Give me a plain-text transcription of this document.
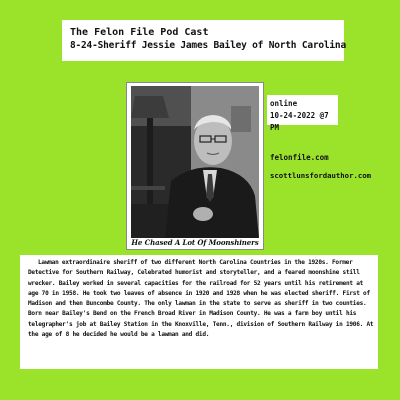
The Felon File Pod Cast
8-24-Sheriff Jessie James Bailey of North Carolina
He Chased A Lot Of Moonshiners
online
10-24-2022 @7 PM
felonfile.com
scottlunsfordauthor.com
Lawman extraordinaire sheriff of two different North Carolina Countries in the 1920s. Former Detective for Southern Railway, Celebrated humorist and storyteller, and a feared moonshine still wrecker. Bailey worked in several capacities for the railroad for 52 years until his retirement at age 70 in 1958. He took two leaves of absence in 1920 and 1928 when he was elected sheriff. First of Madison and then Buncombe County. The only lawman in the state to serve as sheriff in two counties. Born near Bailey's Bend on the French Broad River in Madison County. He was a farm boy until his telegrapher's job at Bailey Station in the Knoxville, Tenn., division of Southern Railway in 1906. At the age of 8 he decided he would be a lawman and did.
